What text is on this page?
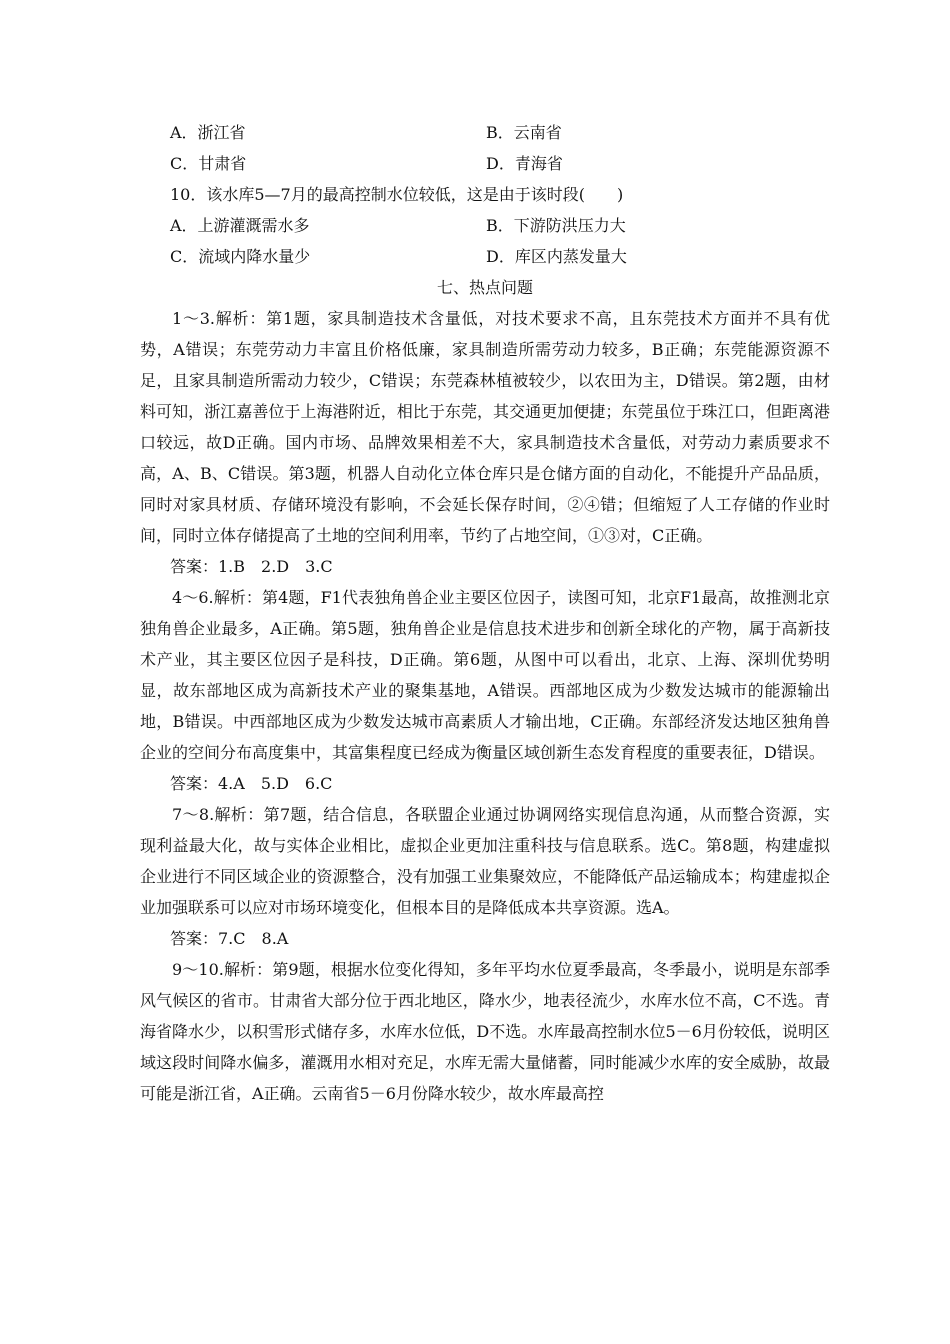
A．浙江省	B．云南省
C．甘肃省	D．青海省
10．该水库5—7月的最高控制水位较低，这是由于该时段(　　)
A．上游灌溉需水多	B．下游防洪压力大
C．流域内降水量少	D．库区内蒸发量大
七、热点问题
1～3.解析：第1题，家具制造技术含量低，对技术要求不高，且东莞技术方面并不具有优势，A错误；东莞劳动力丰富且价格低廉，家具制造所需劳动力较多，B正确；东莞能源资源不足，且家具制造所需动力较少，C错误；东莞森林植被较少，以农田为主，D错误。第2题，由材料可知，浙江嘉善位于上海港附近，相比于东莞，其交通更加便捷；东莞虽位于珠江口，但距离港口较远，故D正确。国内市场、品牌效果相差不大，家具制造技术含量低，对劳动力素质要求不高，A、B、C错误。第3题，机器人自动化立体仓库只是仓储方面的自动化，不能提升产品品质，同时对家具材质、存储环境没有影响，不会延长保存时间，②④错；但缩短了人工存储的作业时间，同时立体存储提高了土地的空间利用率，节约了占地空间，①③对，C正确。
答案：1.B　2.D　3.C
4～6.解析：第4题，F1代表独角兽企业主要区位因子，读图可知，北京F1最高，故推测北京独角兽企业最多，A正确。第5题，独角兽企业是信息技术进步和创新全球化的产物，属于高新技术产业，其主要区位因子是科技，D正确。第6题，从图中可以看出，北京、上海、深圳优势明显，故东部地区成为高新技术产业的聚集基地，A错误。西部地区成为少数发达城市的能源输出地，B错误。中西部地区成为少数发达城市高素质人才输出地，C正确。东部经济发达地区独角兽企业的空间分布高度集中，其富集程度已经成为衡量区域创新生态发育程度的重要表征，D错误。
答案：4.A　5.D　6.C
7～8.解析：第7题，结合信息，各联盟企业通过协调网络实现信息沟通，从而整合资源，实现利益最大化，故与实体企业相比，虚拟企业更加注重科技与信息联系。选C。第8题，构建虚拟企业进行不同区域企业的资源整合，没有加强工业集聚效应，不能降低产品运输成本；构建虚拟企业加强联系可以应对市场环境变化，但根本目的是降低成本共享资源。选A。
答案：7.C　8.A
9～10.解析：第9题，根据水位变化得知，多年平均水位夏季最高，冬季最小，说明是东部季风气候区的省市。甘肃省大部分位于西北地区，降水少，地表径流少，水库水位不高，C不选。青海省降水少，以积雪形式储存多，水库水位低，D不选。水库最高控制水位5－6月份较低，说明区域这段时间降水偏多，灌溉用水相对充足，水库无需大量储蓄，同时能减少水库的安全威胁，故最可能是浙江省，A正确。云南省5－6月份降水较少，故水库最高控
